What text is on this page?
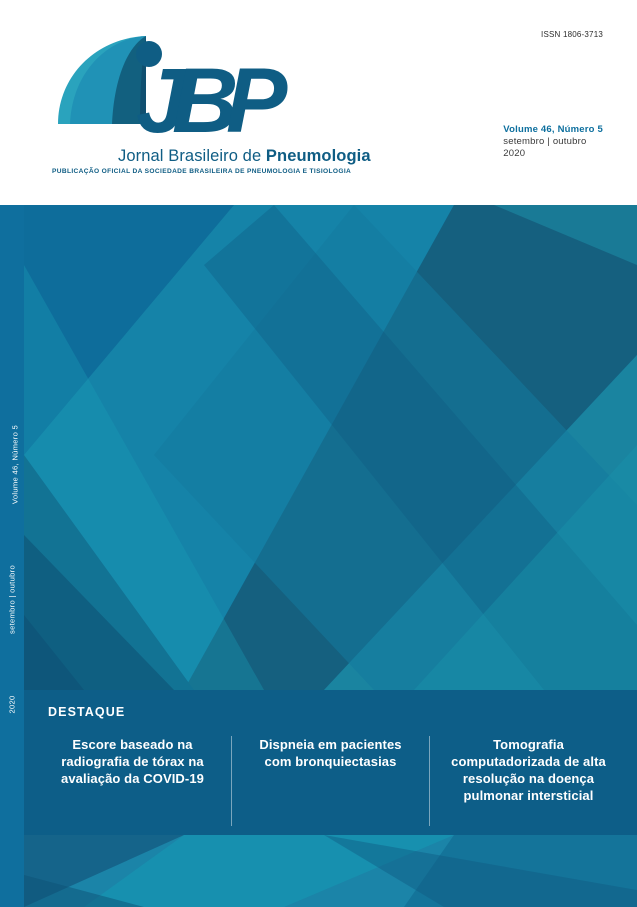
ISSN 1806-3713
J
B
P
Jornal Brasileiro de Pneumologia
PUBLICAÇÃO OFICIAL DA SOCIEDADE BRASILEIRA DE PNEUMOLOGIA E TISIOLOGIA
Volume 46, Número 5
setembro | outubro
2020
Volume 46, Número 5
setembro | outubro
2020	DESTAQUE
Escore baseado na radiografia de tórax na avaliação da COVID-19
Dispneia em pacientes com bronquiectasias
Tomografia computadorizada de alta resolução na doença pulmonar intersticial
